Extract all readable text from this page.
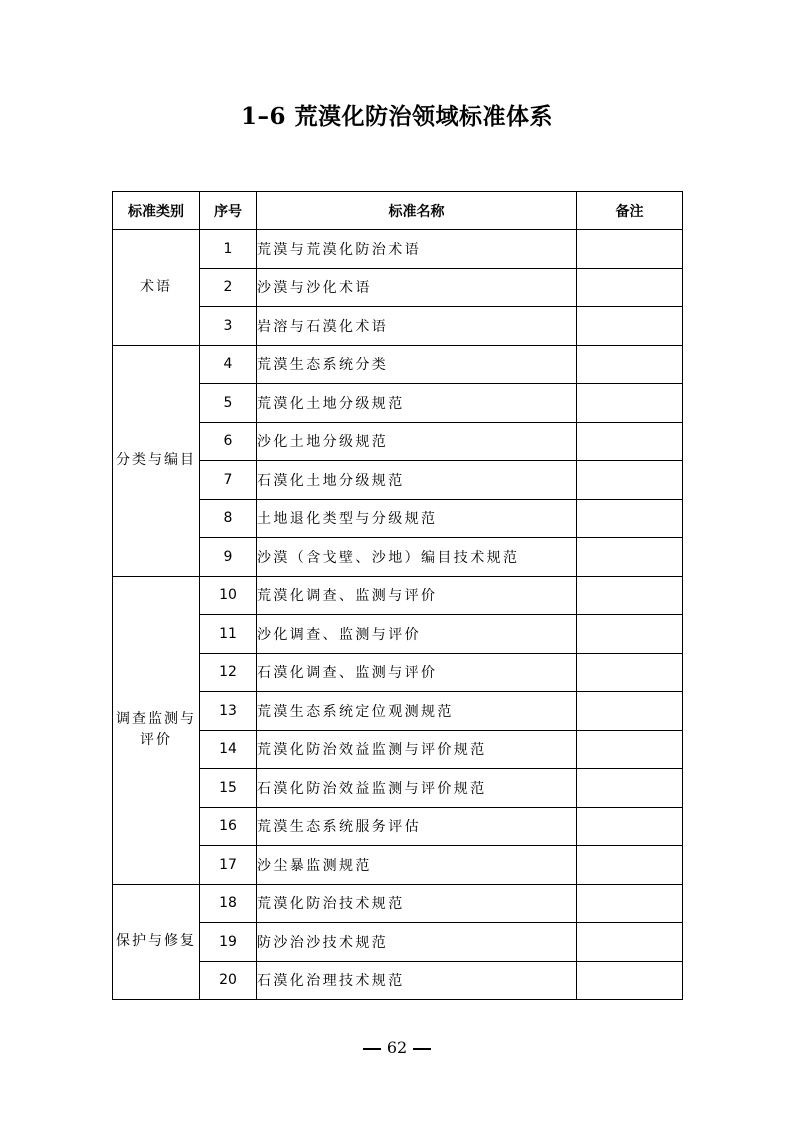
1–6 荒漠化防治领域标准体系
标准类别	序号	标准名称	备注
术语	1	荒漠与荒漠化防治术语	
	2	沙漠与沙化术语	
	3	岩溶与石漠化术语	
分类与编目	4	荒漠生态系统分类	
	5	荒漠化土地分级规范	
	6	沙化土地分级规范	
	7	石漠化土地分级规范	
	8	土地退化类型与分级规范	
	9	沙漠（含戈壁、沙地）编目技术规范	
调查监测与评价	10	荒漠化调查、监测与评价	
	11	沙化调查、监测与评价	
	12	石漠化调查、监测与评价	
	13	荒漠生态系统定位观测规范	
	14	荒漠化防治效益监测与评价规范	
	15	石漠化防治效益监测与评价规范	
	16	荒漠生态系统服务评估	
	17	沙尘暴监测规范	
保护与修复	18	荒漠化防治技术规范	
	19	防沙治沙技术规范	
	20	石漠化治理技术规范	
62
